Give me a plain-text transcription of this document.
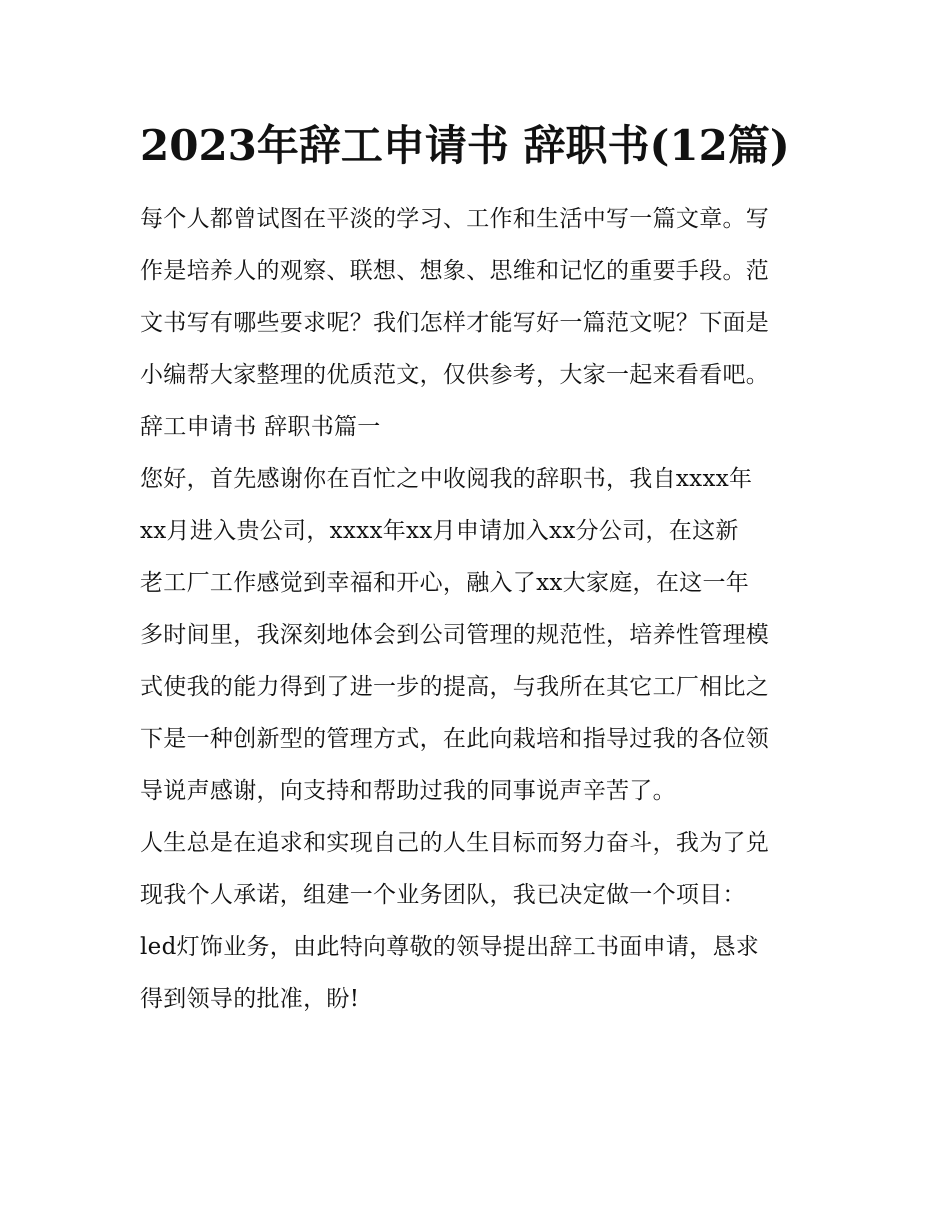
2023年辞工申请书 辞职书(12篇)

每个人都曾试图在平淡的学习、工作和生活中写一篇文章。写

作是培养人的观察、联想、想象、思维和记忆的重要手段。范

文书写有哪些要求呢？我们怎样才能写好一篇范文呢？下面是

小编帮大家整理的优质范文，仅供参考，大家一起来看看吧。

辞工申请书 辞职书篇一

您好，首先感谢你在百忙之中收阅我的辞职书，我自xxxx年

xx月进入贵公司，xxxx年xx月申请加入xx分公司，在这新

老工厂工作感觉到幸福和开心，融入了xx大家庭，在这一年

多时间里，我深刻地体会到公司管理的规范性，培养性管理模

式使我的能力得到了进一步的提高，与我所在其它工厂相比之

下是一种创新型的管理方式，在此向栽培和指导过我的各位领

导说声感谢，向支持和帮助过我的同事说声辛苦了。

人生总是在追求和实现自己的人生目标而努力奋斗，我为了兑

现我个人承诺，组建一个业务团队，我已决定做一个项目：

led灯饰业务，由此特向尊敬的领导提出辞工书面申请，恳求

得到领导的批准，盼!
